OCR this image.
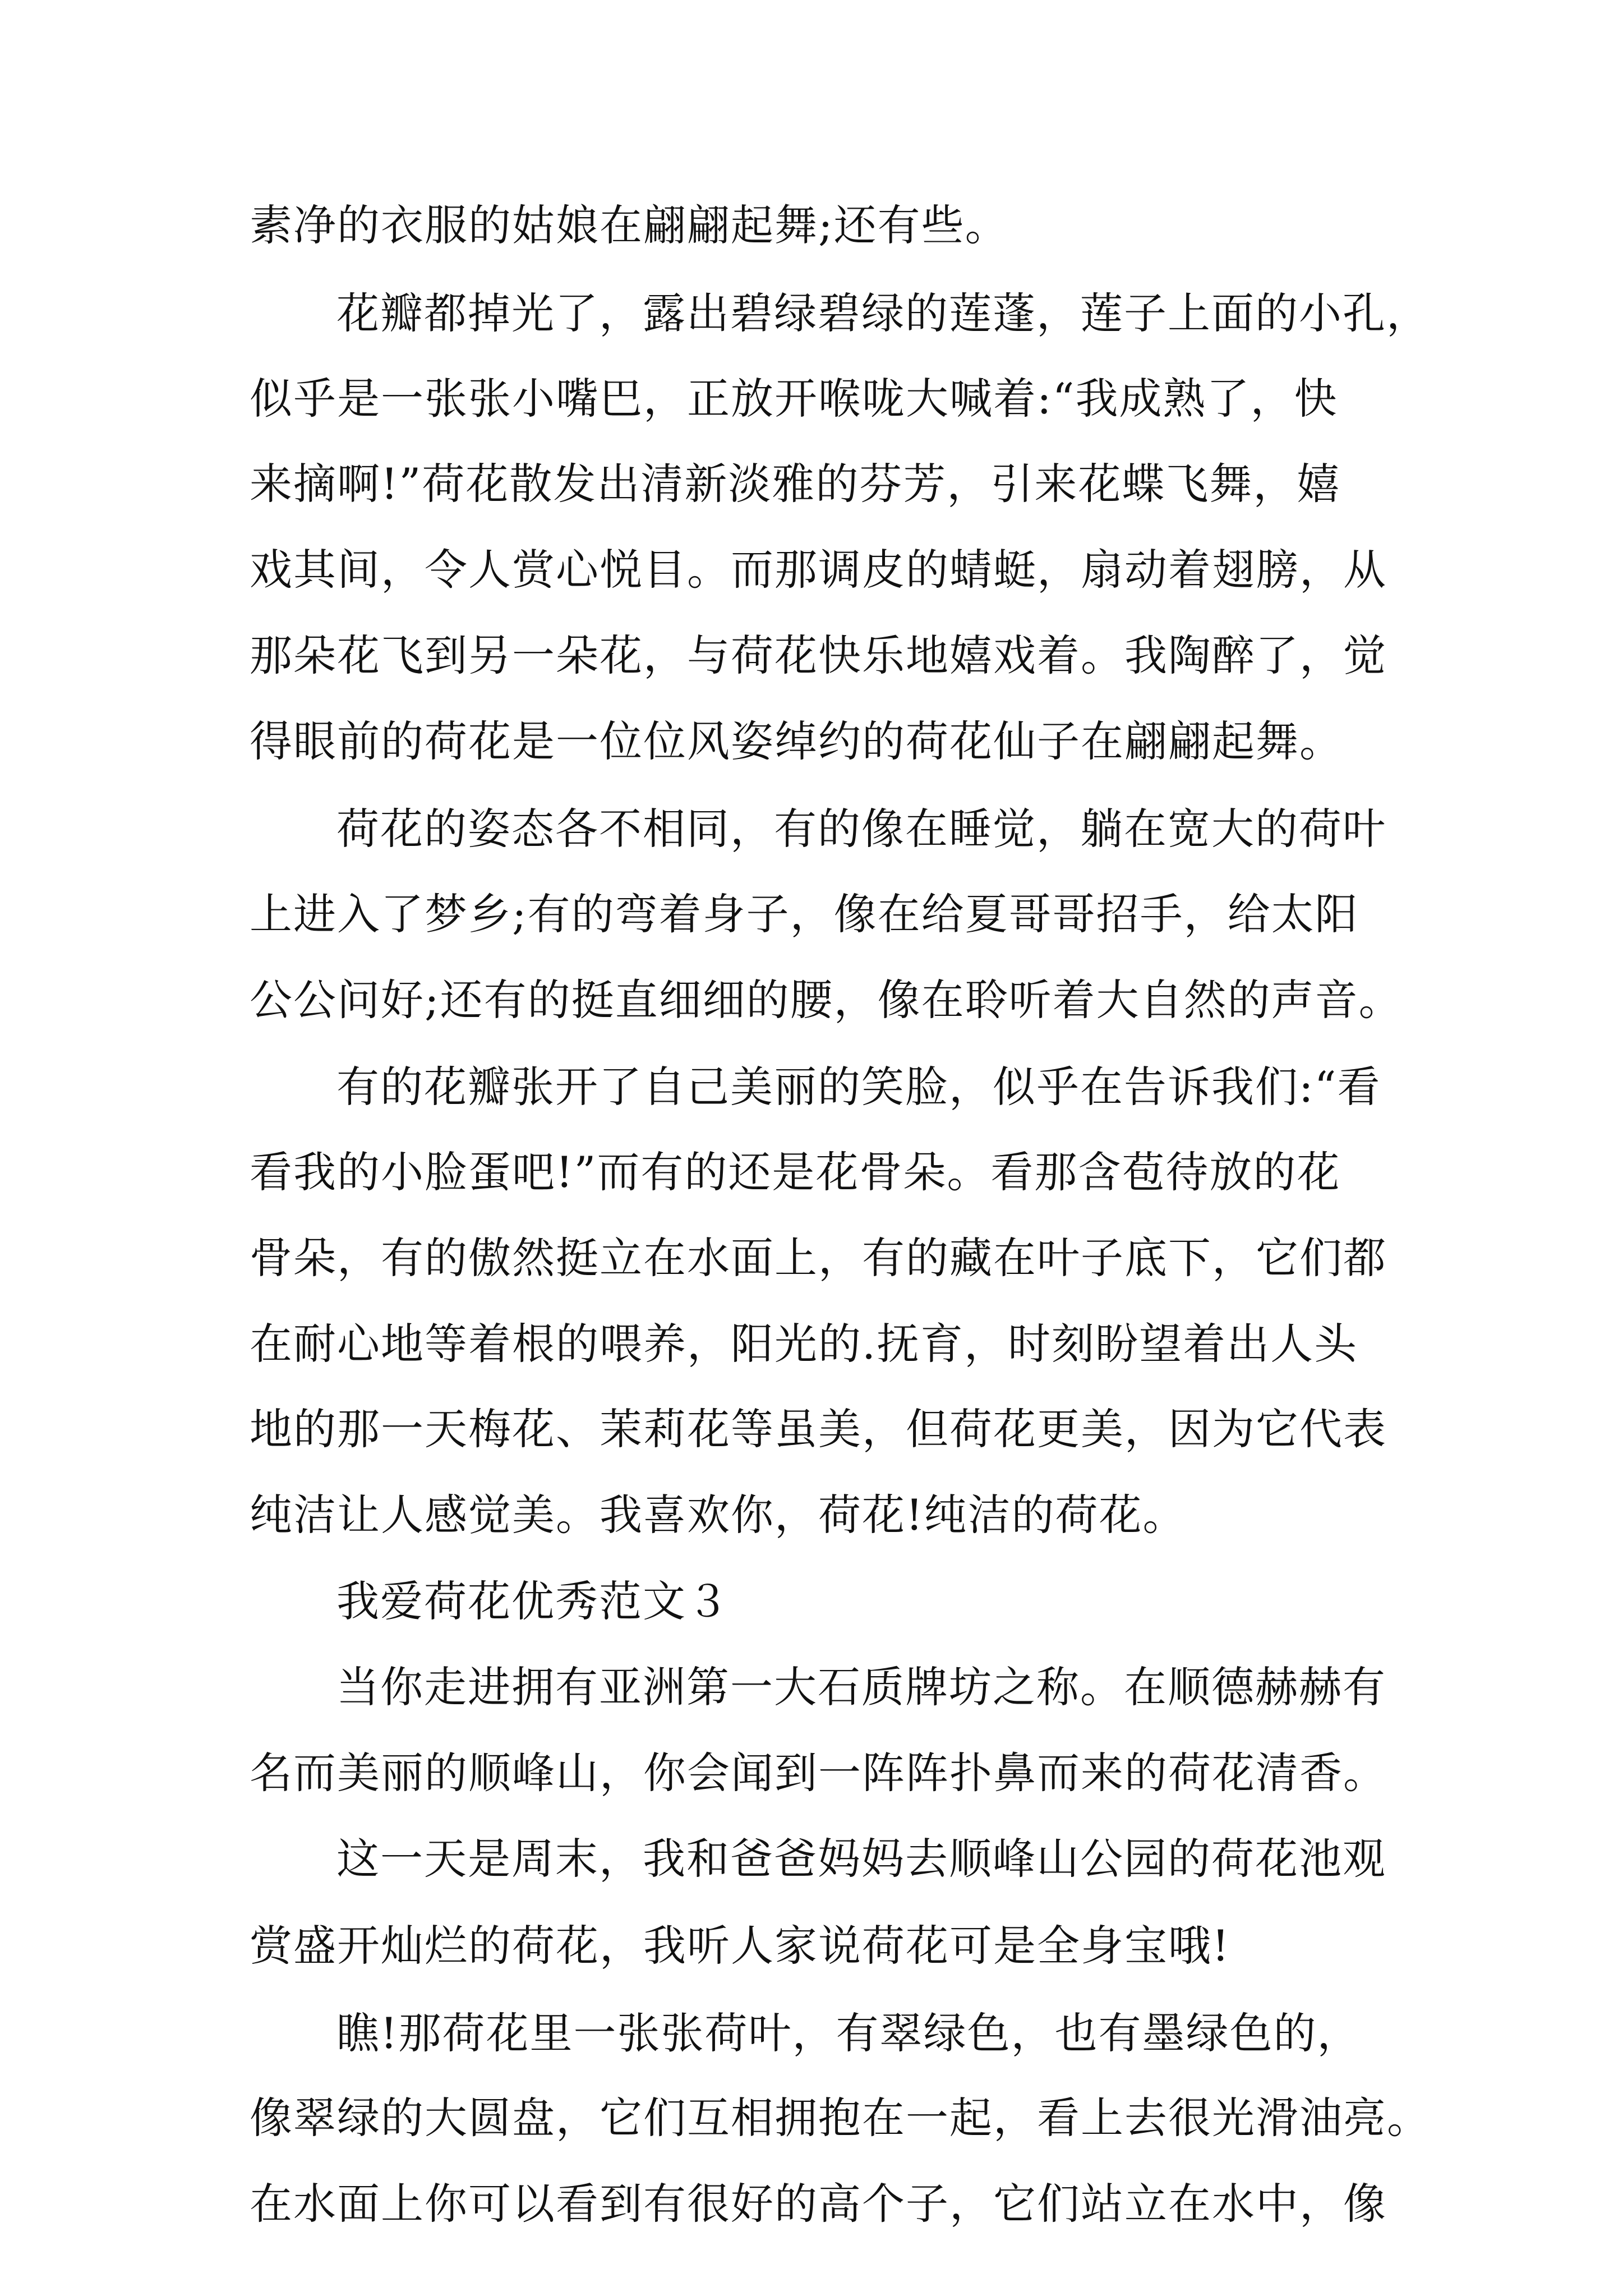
素净的衣服的姑娘在翩翩起舞;还有些。
花瓣都掉光了，露出碧绿碧绿的莲蓬，莲子上面的小孔，
似乎是一张张小嘴巴，正放开喉咙大喊着:“我成熟了，快
来摘啊!”荷花散发出清新淡雅的芬芳，引来花蝶飞舞，嬉
戏其间，令人赏心悦目。而那调皮的蜻蜓，扇动着翅膀，从
那朵花飞到另一朵花，与荷花快乐地嬉戏着。我陶醉了，觉
得眼前的荷花是一位位风姿绰约的荷花仙子在翩翩起舞。
荷花的姿态各不相同，有的像在睡觉，躺在宽大的荷叶
上进入了梦乡;有的弯着身子，像在给夏哥哥招手，给太阳
公公问好;还有的挺直细细的腰，像在聆听着大自然的声音。
有的花瓣张开了自己美丽的笑脸，似乎在告诉我们:“看
看我的小脸蛋吧!”而有的还是花骨朵。看那含苞待放的花
骨朵，有的傲然挺立在水面上，有的藏在叶子底下，它们都
在耐心地等着根的喂养，阳光的.抚育，时刻盼望着出人头
地的那一天梅花、茉莉花等虽美，但荷花更美，因为它代表
纯洁让人感觉美。我喜欢你，荷花!纯洁的荷花。
我爱荷花优秀范文３
当你走进拥有亚洲第一大石质牌坊之称。在顺德赫赫有
名而美丽的顺峰山，你会闻到一阵阵扑鼻而来的荷花清香。
这一天是周末，我和爸爸妈妈去顺峰山公园的荷花池观
赏盛开灿烂的荷花，我听人家说荷花可是全身宝哦!
瞧!那荷花里一张张荷叶，有翠绿色，也有墨绿色的，
像翠绿的大圆盘，它们互相拥抱在一起，看上去很光滑油亮。
在水面上你可以看到有很好的高个子，它们站立在水中，像
